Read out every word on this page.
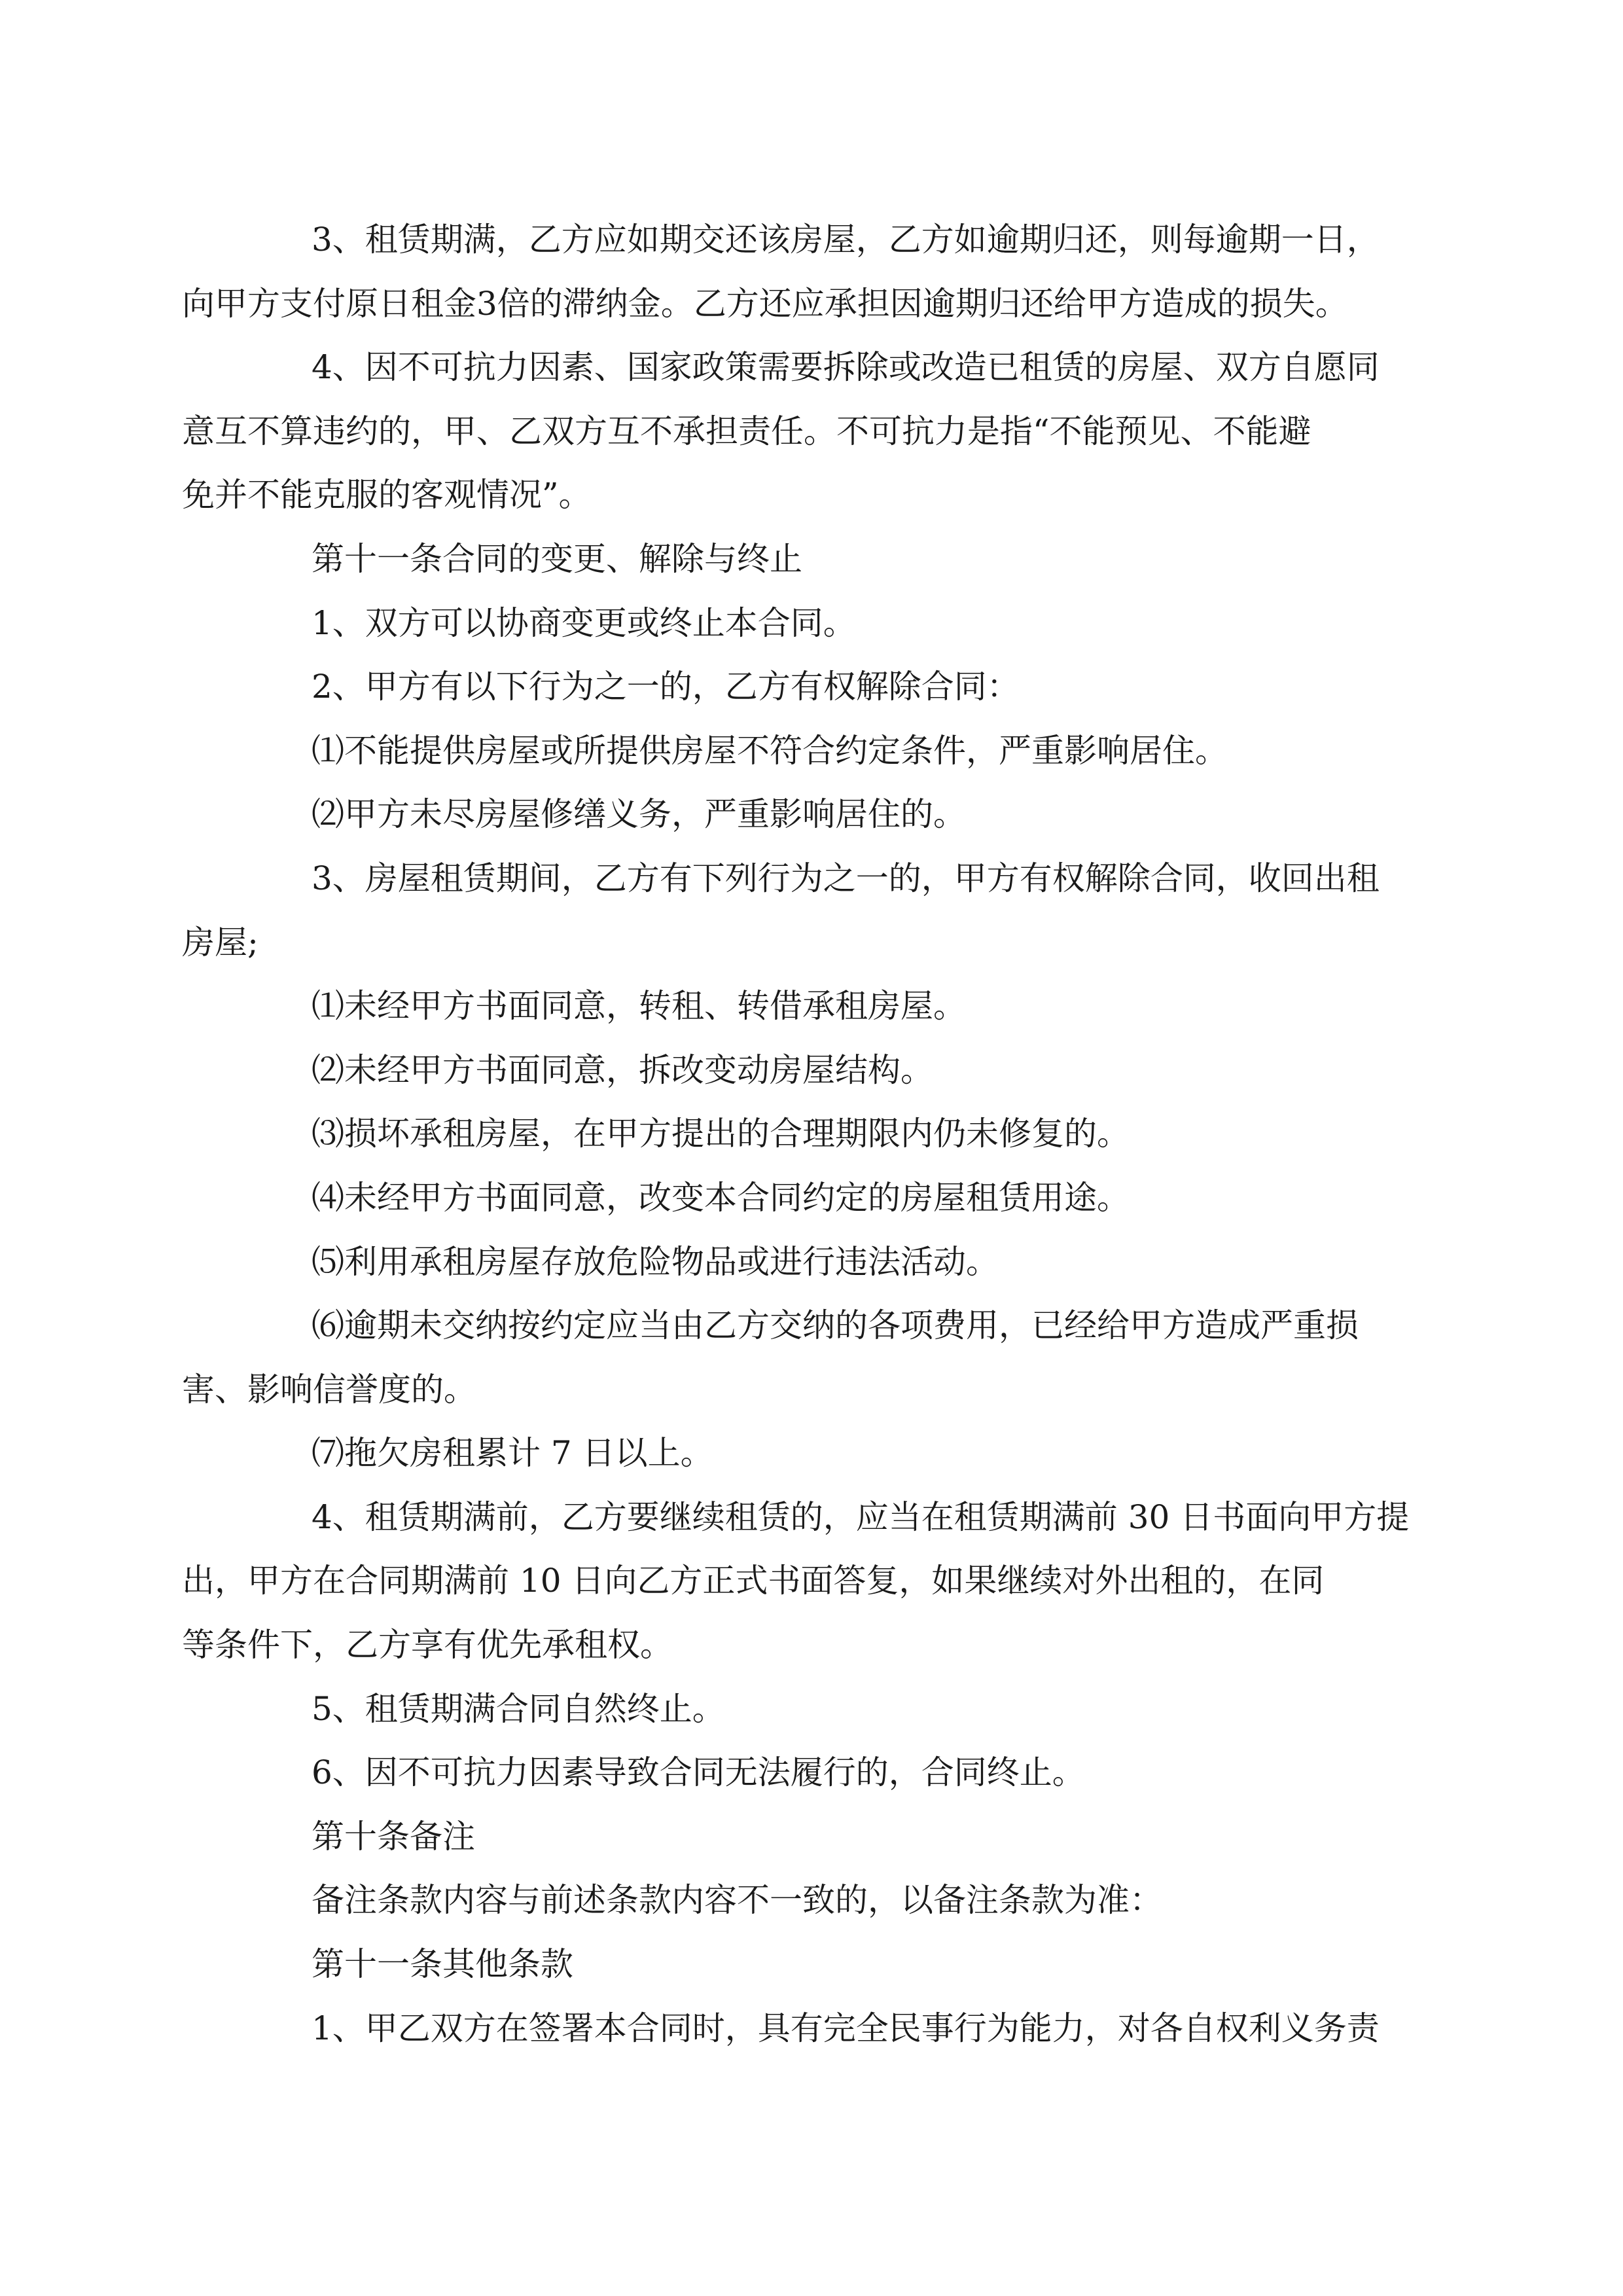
3、租赁期满，乙方应如期交还该房屋，乙方如逾期归还，则每逾期一日，
向甲方支付原日租金3倍的滞纳金。乙方还应承担因逾期归还给甲方造成的损失。

4、因不可抗力因素、国家政策需要拆除或改造已租赁的房屋、双方自愿同
意互不算违约的，甲、乙双方互不承担责任。不可抗力是指“不能预见、不能避
免并不能克服的客观情况”。

第十一条合同的变更、解除与终止

1、双方可以协商变更或终止本合同。

2、甲方有以下行为之一的，乙方有权解除合同：

⑴不能提供房屋或所提供房屋不符合约定条件，严重影响居住。

⑵甲方未尽房屋修缮义务，严重影响居住的。

3、房屋租赁期间，乙方有下列行为之一的，甲方有权解除合同，收回出租
房屋;

⑴未经甲方书面同意，转租、转借承租房屋。

⑵未经甲方书面同意，拆改变动房屋结构。

⑶损坏承租房屋，在甲方提出的合理期限内仍未修复的。

⑷未经甲方书面同意，改变本合同约定的房屋租赁用途。

⑸利用承租房屋存放危险物品或进行违法活动。

⑹逾期未交纳按约定应当由乙方交纳的各项费用，已经给甲方造成严重损
害、影响信誉度的。

⑺拖欠房租累计 7 日以上。

4、租赁期满前，乙方要继续租赁的，应当在租赁期满前 30 日书面向甲方提
出，甲方在合同期满前 10 日向乙方正式书面答复，如果继续对外出租的，在同
等条件下，乙方享有优先承租权。

5、租赁期满合同自然终止。

6、因不可抗力因素导致合同无法履行的，合同终止。

第十条备注

备注条款内容与前述条款内容不一致的，以备注条款为准：

第十一条其他条款

1、甲乙双方在签署本合同时，具有完全民事行为能力，对各自权利义务责
